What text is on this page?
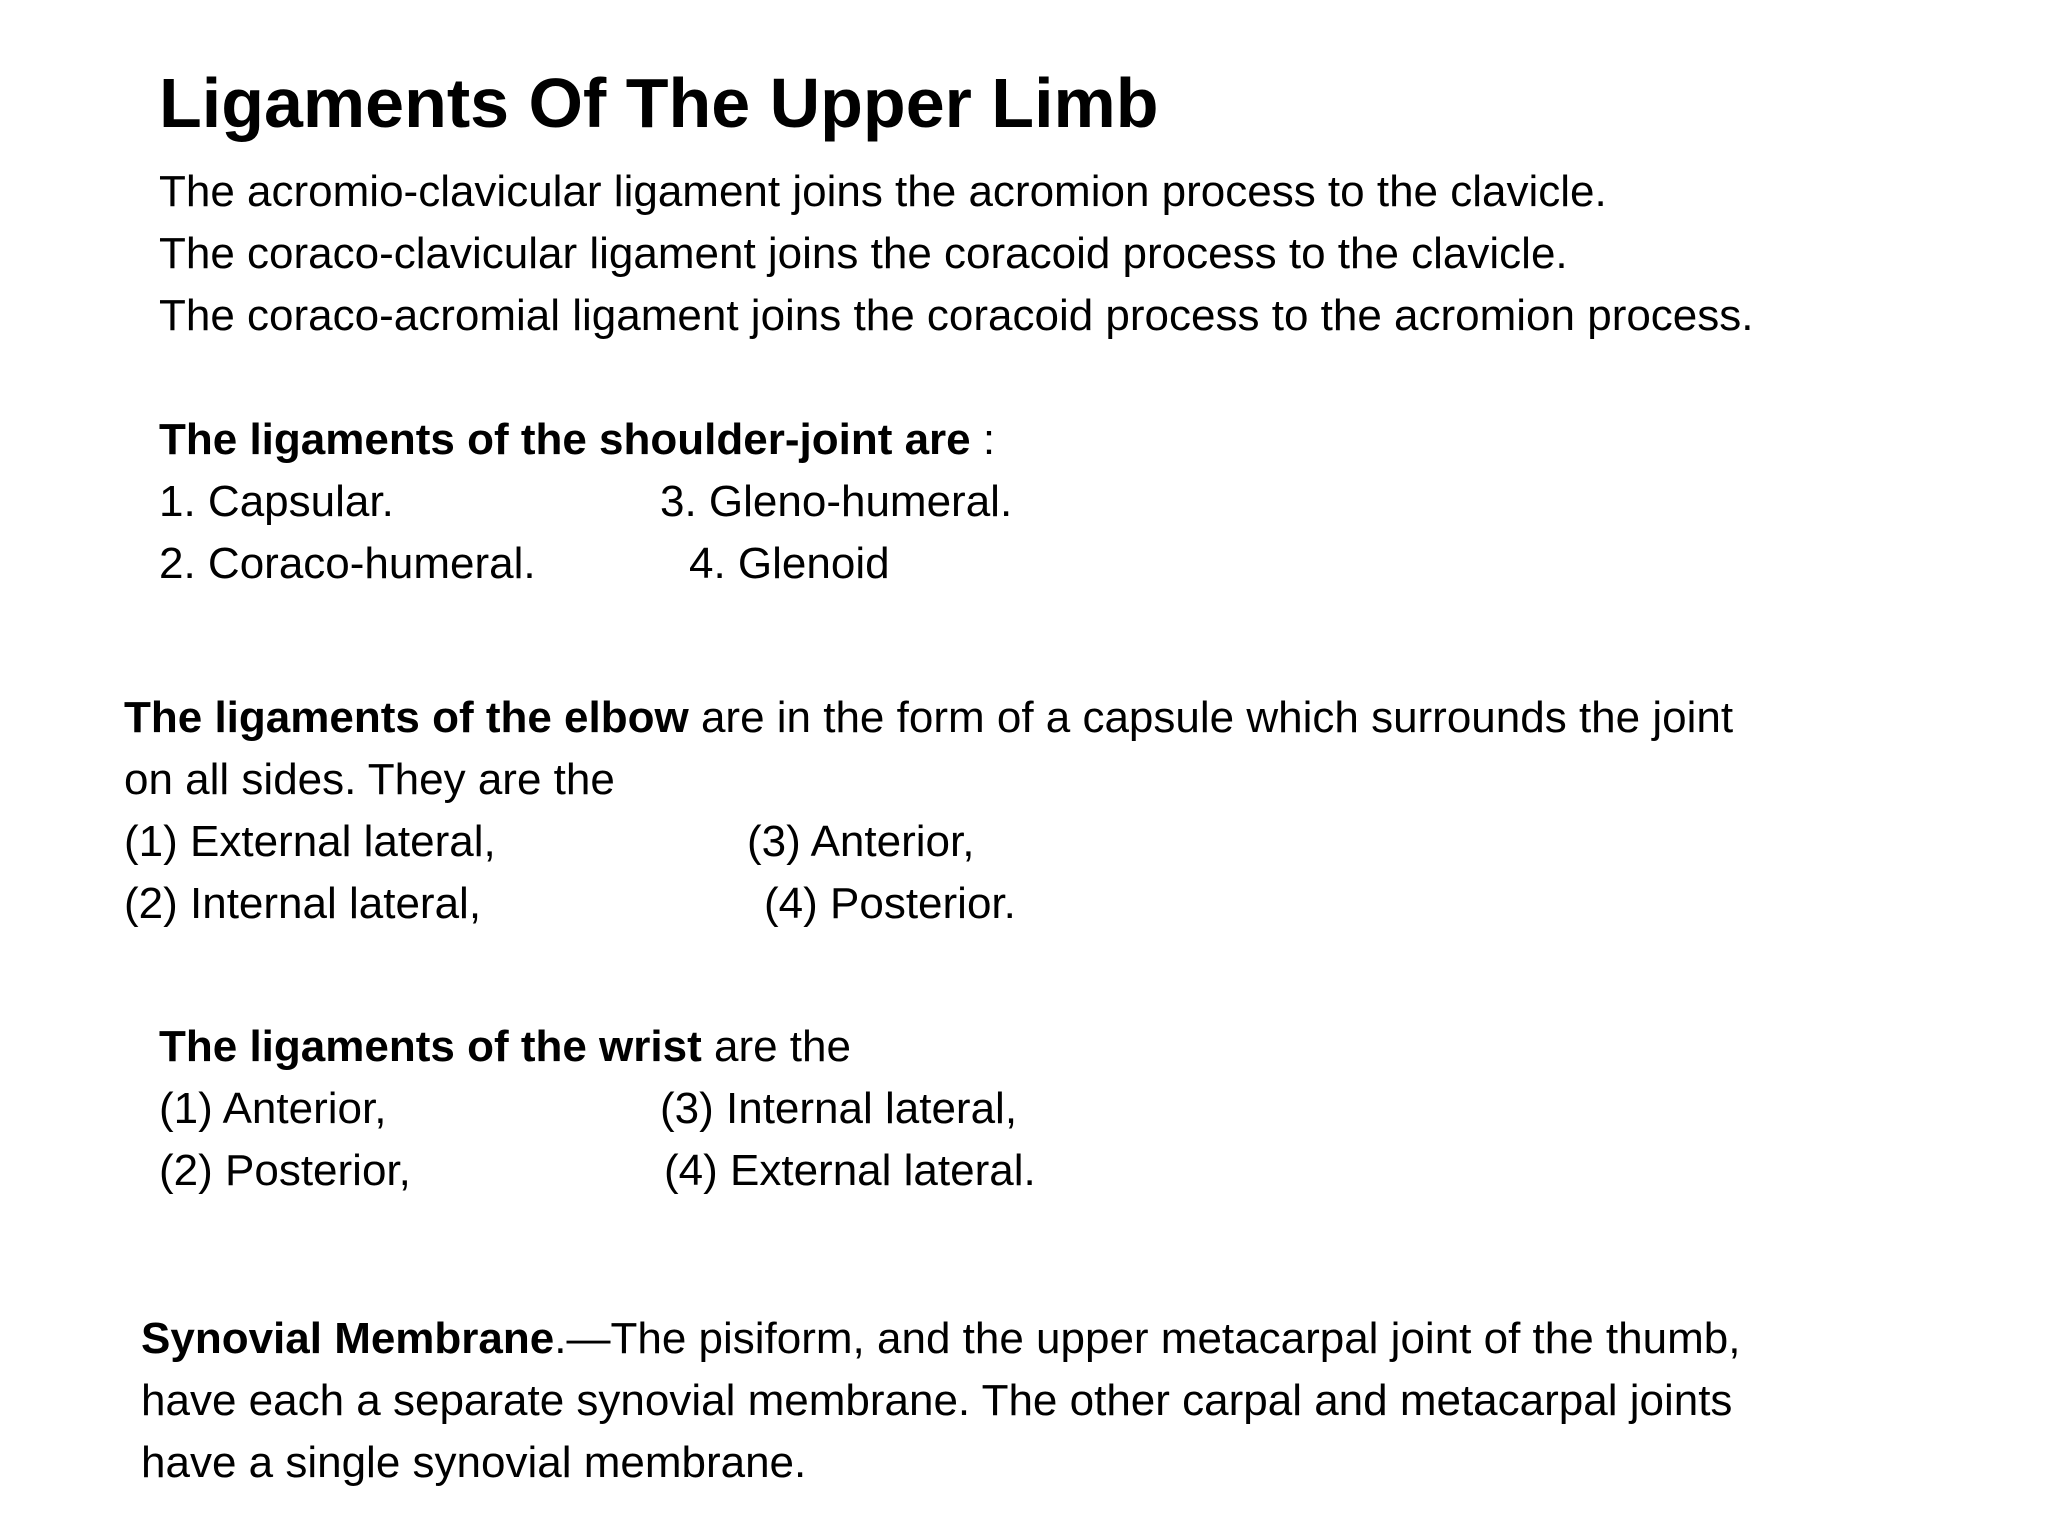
Ligaments Of The Upper Limb
The acromio-clavicular ligament joins the acromion process to the clavicle.
The coraco-clavicular ligament joins the coracoid process to the clavicle.
The coraco-acromial ligament joins the coracoid process to the acromion process.
The ligaments of the shoulder-joint are :
1. Capsular.	3. Gleno-humeral.
2. Coraco-humeral.	4. Glenoid
The ligaments of the elbow are in the form of a capsule which surrounds the joint
on all sides. They are the
(1) External lateral,	(3) Anterior,
(2) Internal lateral,	(4) Posterior.
The ligaments of the wrist are the
(1) Anterior,	(3) Internal lateral,
(2) Posterior,	(4) External lateral.
Synovial Membrane.—The pisiform, and the upper metacarpal joint of the thumb,
have each a separate synovial membrane. The other carpal and metacarpal joints
have a single synovial membrane.
